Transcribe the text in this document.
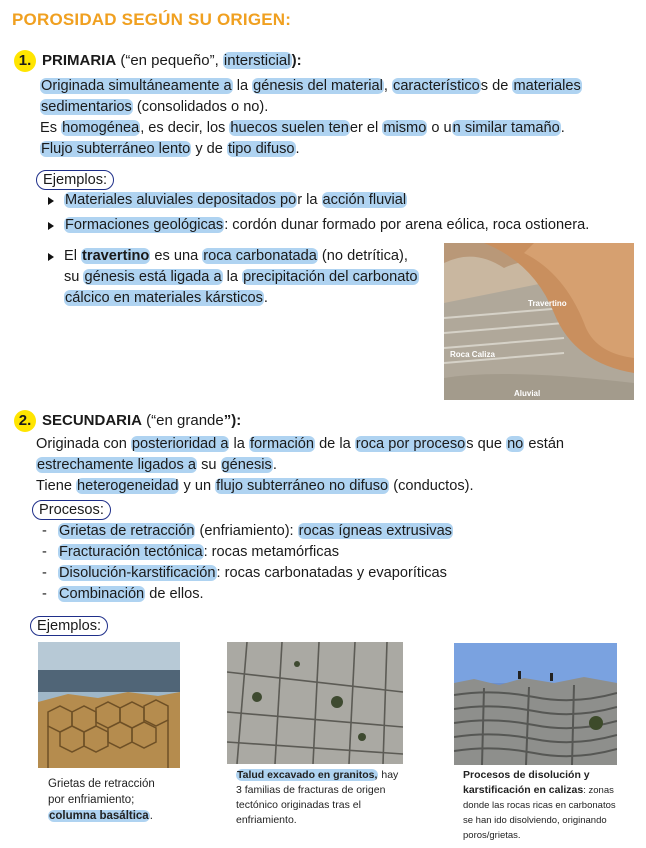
POROSIDAD SEGÚN SU ORIGEN:
1. PRIMARIA (“en pequeño”, intersticial):
Originada simultáneamente a la génesis del material, característicos de materiales
sedimentarios (consolidados o no).
Es homogénea, es decir, los huecos suelen tener el mismo o un similar tamaño.
Flujo subterráneo lento y de tipo difuso.
Ejemplos:
Materiales aluviales depositados por la acción fluvial
Formaciones geológicas: cordón dunar formado por arena eólica, roca ostionera.
El travertino es una roca carbonatada (no detrítica),
su génesis está ligada a la precipitación del carbonato
cálcico en materiales kársticos.	Travertino
Roca Caliza
Aluvial
2. SECUNDARIA (“en grande”):
Originada con posterioridad a la formación de la roca por procesos que no están
estrechamente ligados a su génesis.
Tiene heterogeneidad y un flujo subterráneo no difuso (conductos).
Procesos:
- Grietas de retracción (enfriamiento): rocas ígneas extrusivas
- Fracturación tectónica: rocas metamórficas
- Disolución-karstificación: rocas carbonatadas y evaporíticas
- Combinación de ellos.
Ejemplos:
Grietas de retracción
por enfriamiento;
columna basáltica.
Talud excavado en granitos, hay
3 familias de fracturas de origen
tectónico originadas tras el
enfriamiento.
Procesos de disolución y
karstificación en calizas: zonas
donde las rocas ricas en carbonatos
se han ido disolviendo, originando
poros/grietas.
